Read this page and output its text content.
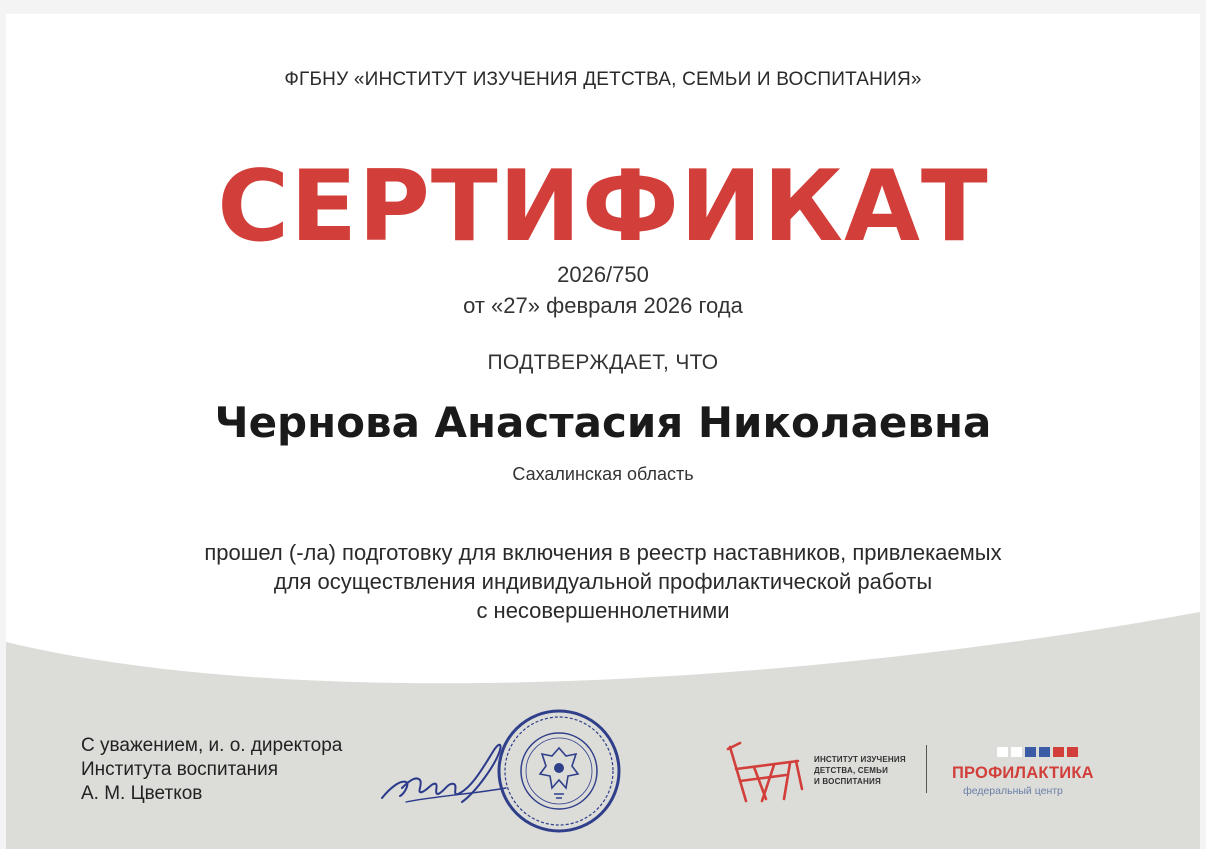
ФГБНУ «ИНСТИТУТ ИЗУЧЕНИЯ ДЕТСТВА, СЕМЬИ И ВОСПИТАНИЯ»
СЕРТИФИКАТ
2026/750
от «27» февраля 2026 года
ПОДТВЕРЖДАЕТ, ЧТО
Чернова Анастасия Николаевна
Сахалинская область
прошел (-ла) подготовку для включения в реестр наставников, привлекаемых
для осуществления индивидуальной профилактической работы
с несовершеннолетними
С уважением, и. о. директора
Института воспитания
А. М. Цветков
ИНСТИТУТ ИЗУЧЕНИЯ
ДЕТСТВА, СЕМЬИ
И ВОСПИТАНИЯ	ПРОФИЛАКТИКА
федеральный центр
